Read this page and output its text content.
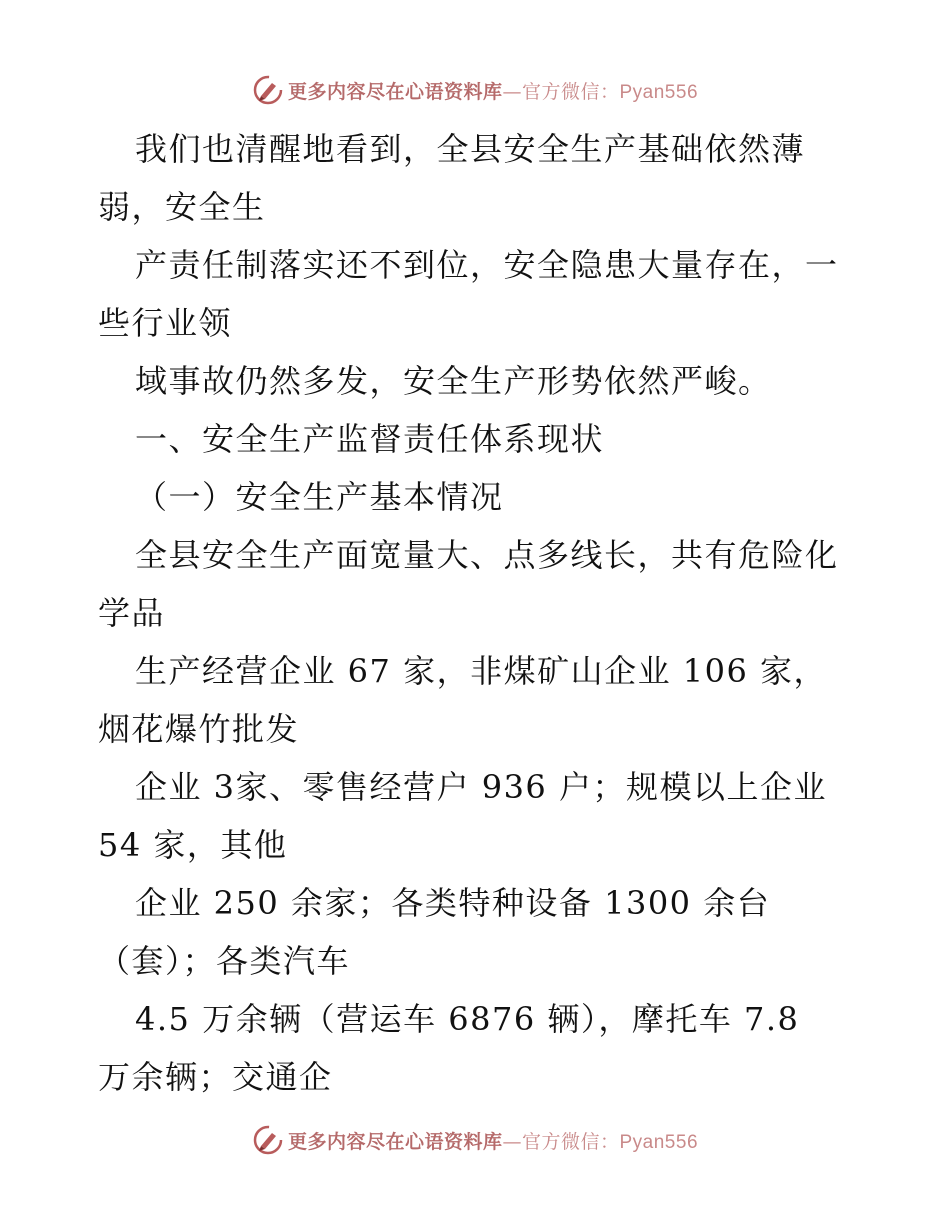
更多内容尽在心语资料库—官方微信：Pyan556
我们也清醒地看到，全县安全生产基础依然薄
弱，安全生
产责任制落实还不到位，安全隐患大量存在，一
些行业领
域事故仍然多发，安全生产形势依然严峻。
一、安全生产监督责任体系现状
（一）安全生产基本情况
全县安全生产面宽量大、点多线长，共有危险化
学品
生产经营企业 67 家，非煤矿山企业 106 家，
烟花爆竹批发
企业 3家、零售经营户 936 户；规模以上企业
54 家，其他
企业 250 余家；各类特种设备 1300 余台
（套）；各类汽车
4.5 万余辆（营运车 6876 辆），摩托车 7.8
万余辆；交通企
更多内容尽在心语资料库—官方微信：Pyan556
